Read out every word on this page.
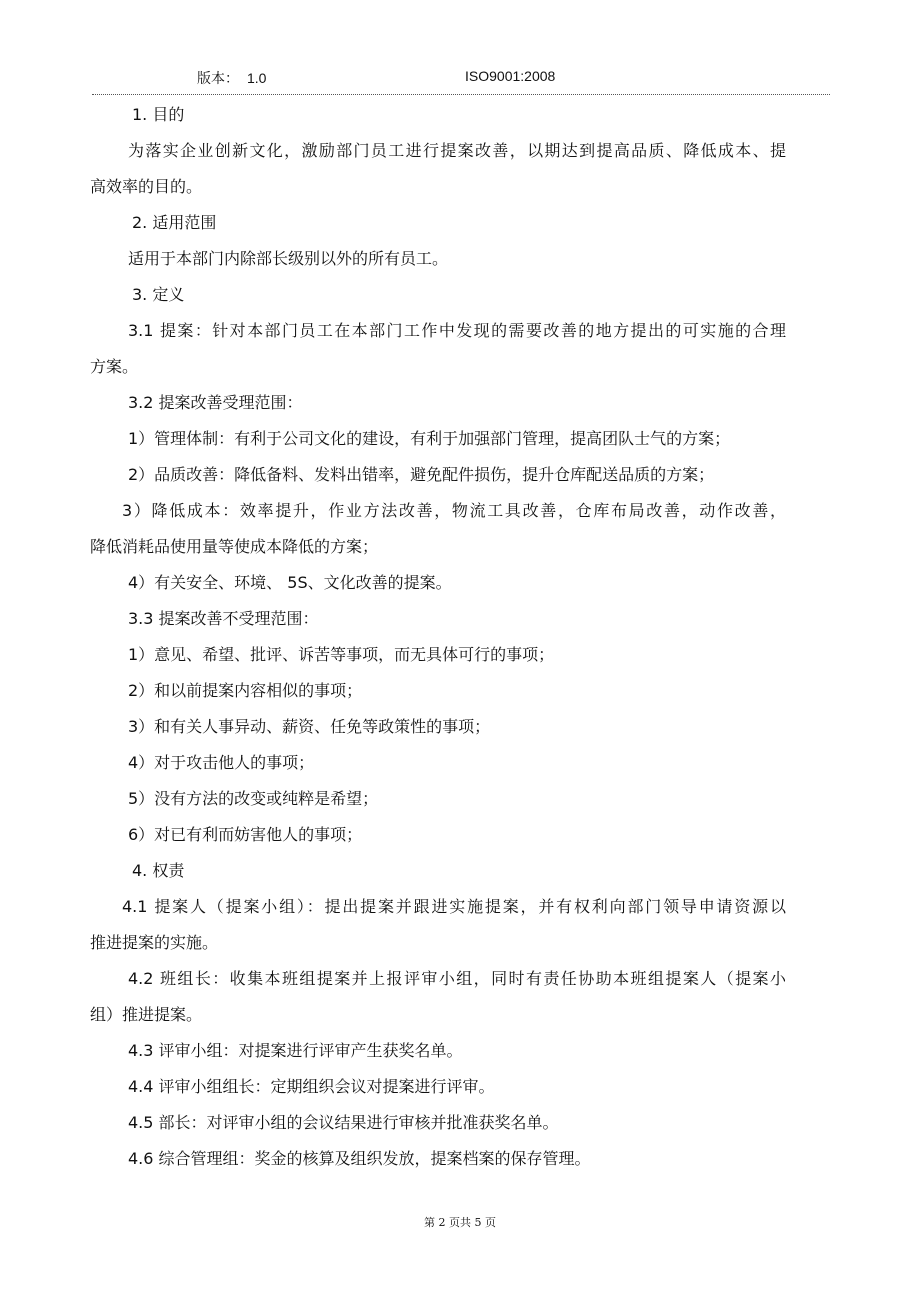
版本： 1.0	ISO9001:2008
1. 目的
为落实企业创新文化，激励部门员工进行提案改善，以期达到提高品质、降低成本、提
高效率的目的。
2. 适用范围
适用于本部门内除部长级别以外的所有员工。
3. 定义
3.1 提案：针对本部门员工在本部门工作中发现的需要改善的地方提出的可实施的合理
方案。
3.2 提案改善受理范围：
1）管理体制：有利于公司文化的建设，有利于加强部门管理，提高团队士气的方案；
2）品质改善：降低备料、发料出错率，避免配件损伤，提升仓库配送品质的方案；
3）降低成本：效率提升，作业方法改善，物流工具改善，仓库布局改善，动作改善，
降低消耗品使用量等使成本降低的方案；
4）有关安全、环境、 5S、文化改善的提案。
3.3 提案改善不受理范围：
1）意见、希望、批评、诉苦等事项，而无具体可行的事项；
2）和以前提案内容相似的事项；
3）和有关人事异动、薪资、任免等政策性的事项；
4）对于攻击他人的事项；
5）没有方法的改变或纯粹是希望；
6）对已有利而妨害他人的事项；
4. 权责
4.1 提案人（提案小组）：提出提案并跟进实施提案，并有权利向部门领导申请资源以
推进提案的实施。
4.2 班组长：收集本班组提案并上报评审小组，同时有责任协助本班组提案人（提案小
组）推进提案。
4.3 评审小组：对提案进行评审产生获奖名单。
4.4 评审小组组长：定期组织会议对提案进行评审。
4.5 部长：对评审小组的会议结果进行审核并批准获奖名单。
4.6 综合管理组：奖金的核算及组织发放，提案档案的保存管理。
第 2 页共 5 页
